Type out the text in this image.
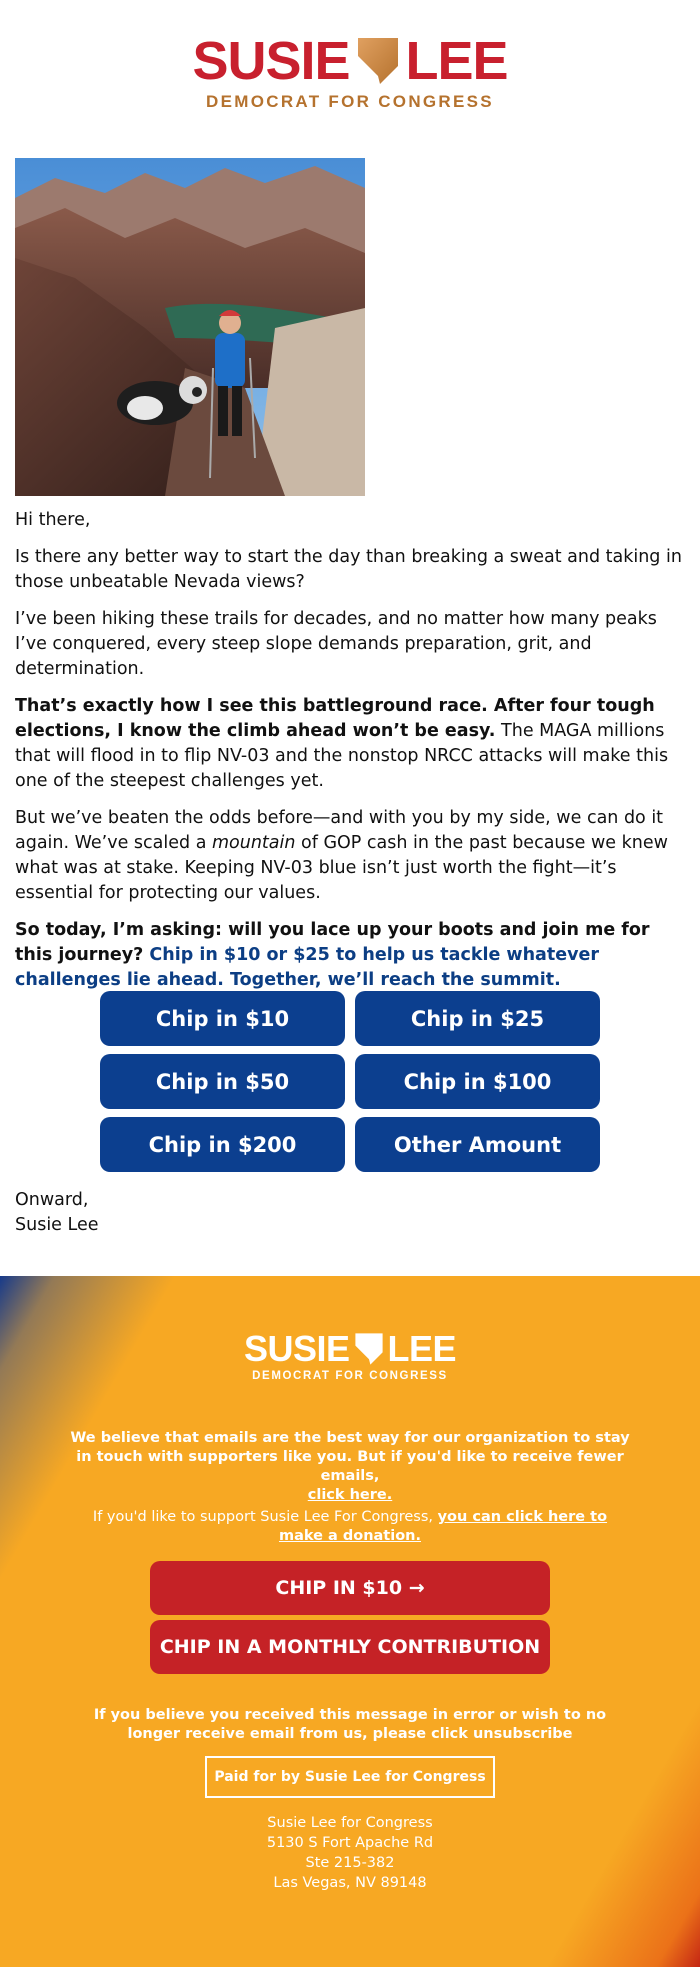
SUSIE LEE
DEMOCRAT FOR CONGRESS

Hi there,

Is there any better way to start the day than breaking a sweat and taking in those unbeatable Nevada views?

I’ve been hiking these trails for decades, and no matter how many peaks I’ve conquered, every steep slope demands preparation, grit, and determination.

That’s exactly how I see this battleground race. After four tough elections, I know the climb ahead won’t be easy. The MAGA millions that will flood in to flip NV-03 and the nonstop NRCC attacks will make this one of the steepest challenges yet.

But we’ve beaten the odds before—and with you by my side, we can do it again. We’ve scaled a mountain of GOP cash in the past because we knew what was at stake. Keeping NV-03 blue isn’t just worth the fight—it’s essential for protecting our values.

So today, I’m asking: will you lace up your boots and join me for this journey? Chip in $10 or $25 to help us tackle whatever challenges lie ahead. Together, we’ll reach the summit.

Chip in $10	Chip in $25
Chip in $50	Chip in $100
Chip in $200	Other Amount
Onward,
Susie Lee
SUSIE LEE
DEMOCRAT FOR CONGRESS
We believe that emails are the best way for our organization to stay in touch with supporters like you. But if you'd like to receive fewer emails,
click here.
If you'd like to support Susie Lee For Congress, you can click here to make a donation.
CHIP IN $10 →
CHIP IN A MONTHLY CONTRIBUTION
If you believe you received this message in error or wish to no longer receive email from us, please click unsubscribe
Paid for by Susie Lee for Congress
Susie Lee for Congress
5130 S Fort Apache Rd
Ste 215-382
Las Vegas, NV 89148
